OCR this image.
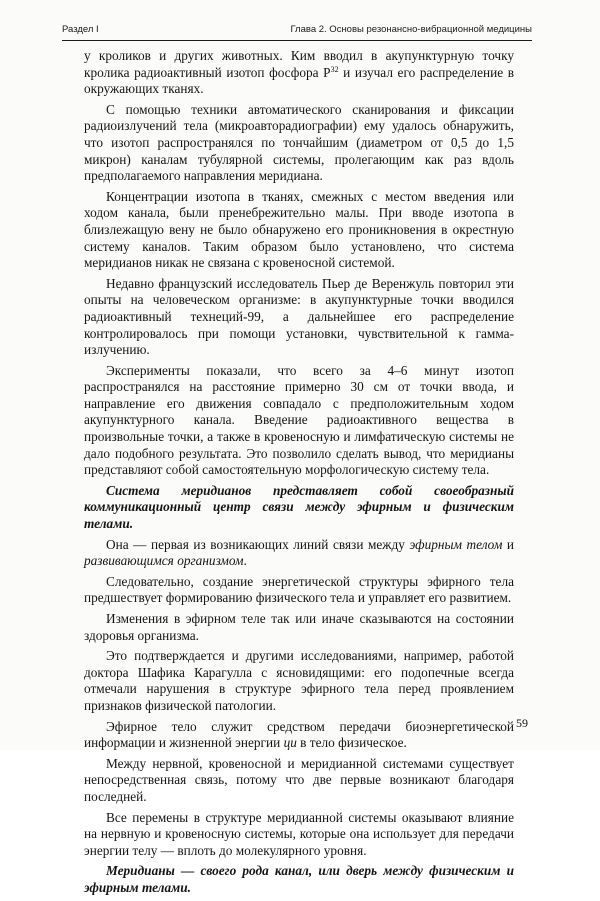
Раздел I	Глава 2. Основы резонансно-вибрационной медицины

у кроликов и других животных. Ким вводил в акупунктурную точку кролика радиоактивный изотоп фосфора $Р^{32}$ и изучал его распределение в окружающих тканях.

С помощью техники автоматического сканирования и фиксации радиоизлучений тела (микроавторадиографии) ему удалось обнаружить, что изотоп распространялся по тончайшим (диаметром от 0,5 до 1,5 микрон) каналам тубулярной системы, пролегающим как раз вдоль предполагаемого направления меридиана.

Концентрации изотопа в тканях, смежных с местом введения или ходом канала, были пренебрежительно малы. При вводе изотопа в близлежащую вену не было обнаружено его проникновения в окрестную систему каналов. Таким образом было установлено, что система меридианов никак не связана с кровеносной системой.

Недавно французский исследователь Пьер де Веренжуль повторил эти опыты на человеческом организме: в акупунктурные точки вводился радиоактивный технеций-99, а дальнейшее его распределение контролировалось при помощи установки, чувствительной к гамма-излучению.

Эксперименты показали, что всего за 4–6 минут изотоп распространялся на расстояние примерно 30 см от точки ввода, и направление его движения совпадало с предположительным ходом акупунктурного канала. Введение радиоактивного вещества в произвольные точки, а также в кровеносную и лимфатическую системы не дало подобного результата. Это позволило сделать вывод, что меридианы представляют собой самостоятельную морфологическую систему тела.

Система меридианов представляет собой своеобразный коммуникационный центр связи между эфирным и физическим телами.

Она — первая из возникающих линий связи между эфирным телом и развивающимся организмом.

Следовательно, создание энергетической структуры эфирного тела предшествует формированию физического тела и управляет его развитием.

Изменения в эфирном теле так или иначе сказываются на состоянии здоровья организма.

Это подтверждается и другими исследованиями, например, работой доктора Шафика Карагулла с ясновидящими: его подопечные всегда отмечали нарушения в структуре эфирного тела перед проявлением признаков физической патологии.

Эфирное тело служит средством передачи биоэнергетической информации и жизненной энергии ци в тело физическое.

Между нервной, кровеносной и меридианной системами существует непосредственная связь, потому что две первые возникают благодаря последней.

Все перемены в структуре меридианной системы оказывают влияние на нервную и кровеносную системы, которые она использует для передачи энергии телу — вплоть до молекулярного уровня.

Меридианы — своего рода канал, или дверь между физическим и эфирным телами.

59
